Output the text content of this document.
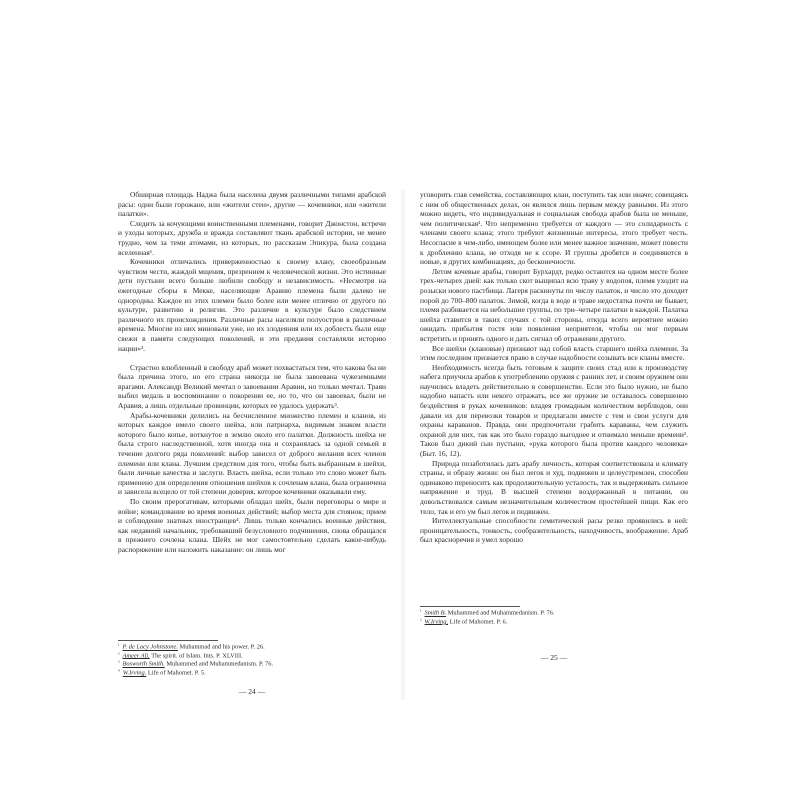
Обширная площадь Наджа была населена двумя различными типами арабской расы: одни были горожане, или «жители стен», другие — кочевники, или «жители палатки».

Следить за кочующими воинственными племенами, говорит Джонстон, встречи и уходы которых, дружба и вражда составляют ткань арабской истории, не менее трудно, чем за теми атомами, из которых, по рассказам Эпикура, была создана вселенная¹.

Кочевники отличались приверженностью к своему клану, своеобразным чувством чести, жаждой мщения, презрением к человеческой жизни. Это истинные дети пустыни всего больше любили свободу и независимость. «Несмотря на ежегодные сборы в Мекке, населяющие Аравию племена были далеко не однородны. Каждое из этих племен было более или менее отлично от другого по культуре, развитию и религии. Это различие в культуре было следствием различного их происхождения. Различные расы населяли полуостров в различные времена. Многие из них миновали уже, но их злодеяния или их доблесть были еще свежи в памяти следующих поколений, и эти предания составляли историю нации»².

Страстно влюбленный в свободу араб может похвастаться тем, что какова бы ни была причина этого, но его страна никогда не была завоевана чужеземными врагами. Александр Великий мечтал о завоевании Аравии, но только мечтал. Траян выбил медаль в воспоминание о покорении ее, но то, что он завоевал, были не Аравия, а лишь отдельные провинции, которых ее удалось удержать³.

Арабы-кочевники делились на бесчисленное множество племен и кланов, из которых каждое имело своего шейха, или патриарха, видимым знаком власти которого было копье, воткнутое в землю около его палатки. Должность шейха не была строго наследственной, хотя иногда она и сохранялась за одной семьей в течение долгого ряда поколений: выбор зависел от доброго желания всех членов племени или клана. Лучшим средством для того, чтобы быть выбранным в шейхи, были личные качества и заслуги. Власть шейха, если только это слово может быть применено для определения отношения шейхов к сочленам клана, была ограничена и зависела всецело от той степени доверия, которое кочевники оказывали ему.

По своим прерогативам, которыми обладал шейх, были переговоры о мире и войне; командование во время военных действий; выбор места для стоянок; прием и соблюдение знатных иностранцев⁴. Лишь только кончались военные действия, как недавний начальник, требовавший безусловного подчинения, снова обращался в прежнего сочлена клана. Шейх не мог самостоятельно сделать какое-нибудь распоряжение или наложить наказание: он лишь мог

$^{^1}$ P. de Lacy Johnstone. Muhammad and his power. P. 26.
$^{^2}$ Ameer Ali. The spirit. of Islam. Ints. P. XLVIII.
$^{^3}$ Bosworth Smith. Muhammed and Muhammedanism. P. 76.
$^{^4}$ W.Irving. Life of Mahomet. P. 5.
— 24 —

уговорить глав семейства, составляющих клан, поступить так или иначе; совещаясь с ним об общественных делах, он являлся лишь первым между равными. Из этого можно видеть, что индивидуальная и социальная свобода арабов была не меньше, чем политическая¹. Что непременно требуется от каждого — это солидарность с членами своего клана; этого требуют жизненные интересы, этого требует честь. Несогласие в чем-либо, имеющем более или менее важное значение, может повести к дроблению клана, не отходя не к ссоре. И группы дробятся и соединяются в новые, в других комбинациях, до бесконечности.

Летом кочевые арабы, говорит Бурхардт, редко остаются на одном месте более трех-четырех дней: как только скот выщипал всю траву у водопоя, племя уходит на розыски нового пастбища. Лагеря раскинуты по числу палаток, и число это доходит порой до 700–800 палаток. Зимой, когда в воде и траве недостатка почти не бывает, племя разбивается на небольшие группы, по три–четыре палатки в каждой. Палатка шейха ставится в таких случаях с той стороны, откуда всего вероятнее можно ожидать прибытия гостя или появления неприятеля, чтобы он мог первым встретить и принять одного и дать сигнал об отражении другого.

Все шейхи (клановые) признают над собой власть старшего шейха племени. За этим последним признается право в случае надобности созывать все кланы вместе.

Необходимость всегда быть готовым к защите своих стад или к производству набега приучила арабов к употреблению оружия с ранних лет, и своим оружием они научились владеть действительно в совершенстве. Если это было нужно, не было надобно напасть или некого отражать, все же оружие не оставалось совершенно бездействия в руках кочевников: владея громадным количеством верблюдов, они давали их для перевозки товаров и предлагали вместе с тем и свои услуги для охраны караванов. Правда, они предпочитали грабить караваны, чем служить охраной для них, так как это было гораздо выгоднее и отнимало меньше времени². Таков был дикий сын пустыни, «рука которого была против каждого человека» (Быт. 16, 12).

Природа позаботилась дать арабу личность, которая соответствовала и климату страны, и образу жизни: он был легок и худ, подвижен и целеустремлен, способен одинаково переносить как продолжительную усталость, так и выдерживать сильное напряжение и труд. В высшей степени воздержанный в питании, он довольствовался самым незначительным количеством простейшей пищи. Как его тело, так и его ум был легок и подвижен.

Интеллектуальные способности семитической расы резко проявились в ней: проницательность, тонкость, сообразительность, находчивость, воображение. Араб был красноречив и умел хорошо

$^{^1}$ Smith B. Muhammed and Muhammedanism. P. 76.
$^{^2}$ W.Irving. Life of Mahomet. P. 6.
— 25 —
